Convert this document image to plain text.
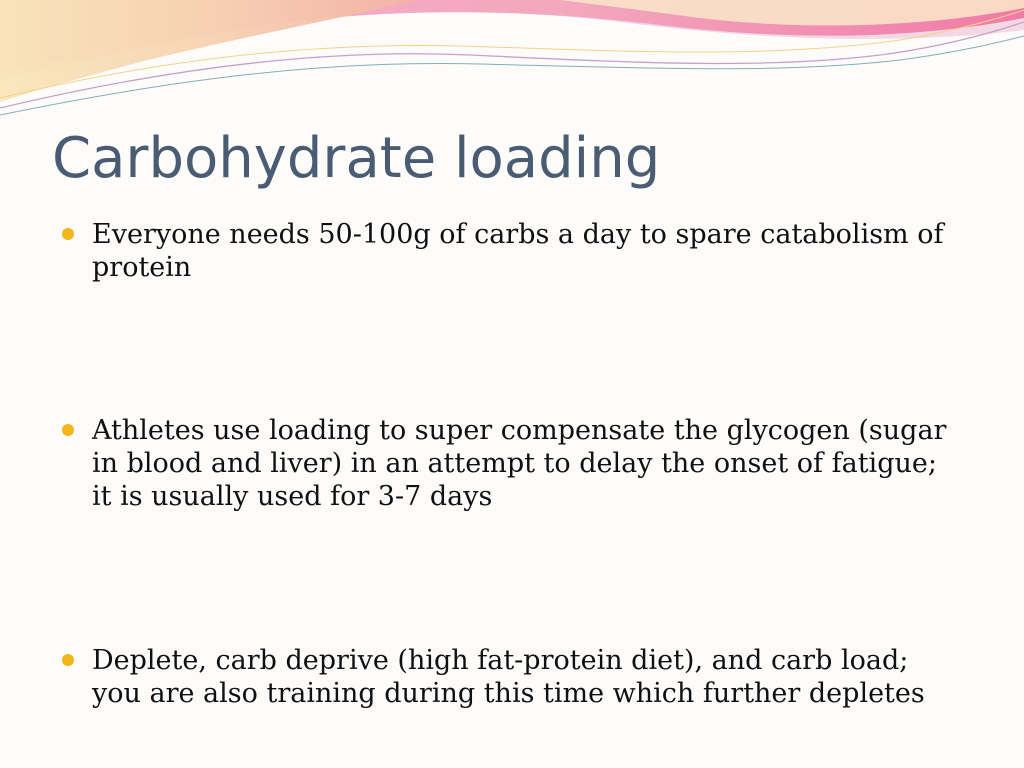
Carbohydrate loading
Everyone needs 50-100g of carbs a day to spare catabolism of protein
Athletes use loading to super compensate the glycogen (sugar in blood and liver) in an attempt to delay the onset of fatigue; it is usually used for 3-7 days
Deplete, carb deprive (high fat-protein diet), and carb load; you are also training during this time which further depletes
